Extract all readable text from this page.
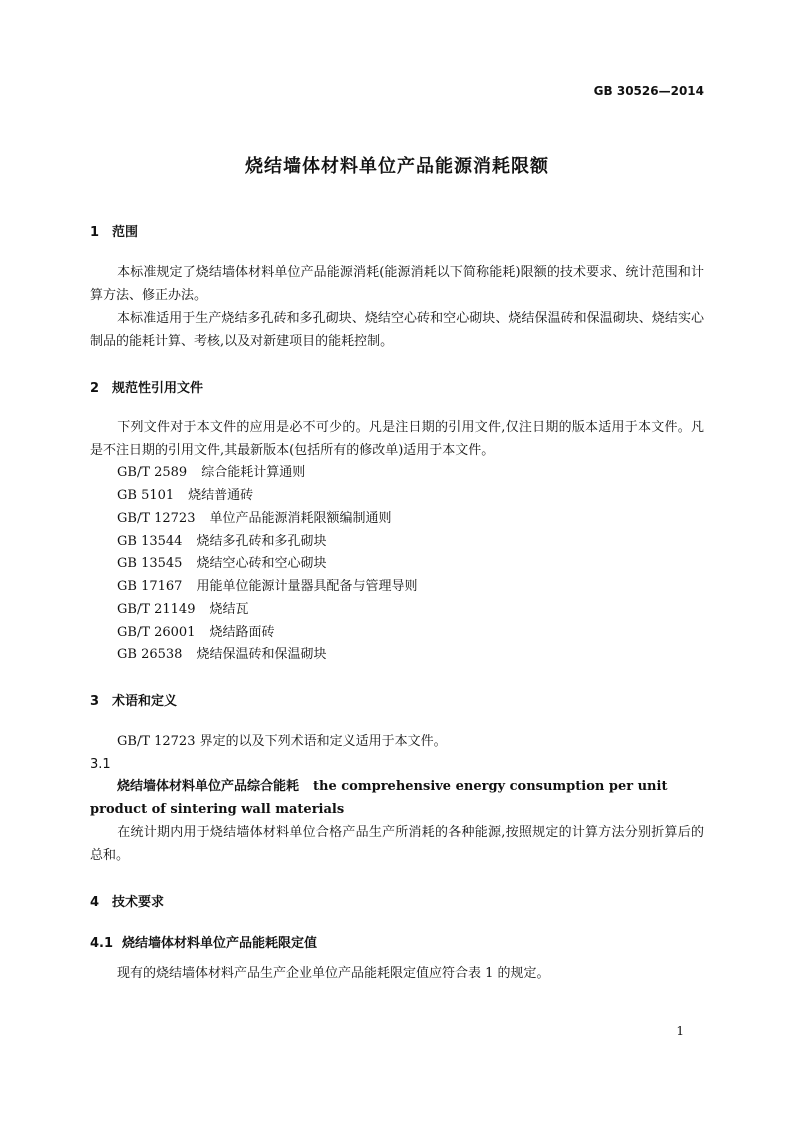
GB 30526—2014
烧结墙体材料单位产品能源消耗限额
1 范围
本标准规定了烧结墙体材料单位产品能源消耗(能源消耗以下简称能耗)限额的技术要求、统计范围和计算方法、修正办法。
本标准适用于生产烧结多孔砖和多孔砌块、烧结空心砖和空心砌块、烧结保温砖和保温砌块、烧结实心制品的能耗计算、考核,以及对新建项目的能耗控制。
2 规范性引用文件
下列文件对于本文件的应用是必不可少的。凡是注日期的引用文件,仅注日期的版本适用于本文件。凡是不注日期的引用文件,其最新版本(包括所有的修改单)适用于本文件。
GB/T 2589 综合能耗计算通则
GB 5101 烧结普通砖
GB/T 12723 单位产品能源消耗限额编制通则
GB 13544 烧结多孔砖和多孔砌块
GB 13545 烧结空心砖和空心砌块
GB 17167 用能单位能源计量器具配备与管理导则
GB/T 21149 烧结瓦
GB/T 26001 烧结路面砖
GB 26538 烧结保温砖和保温砌块
3 术语和定义
GB/T 12723 界定的以及下列术语和定义适用于本文件。
3.1
烧结墙体材料单位产品综合能耗 the comprehensive energy consumption per unit product of sintering wall materials
在统计期内用于烧结墙体材料单位合格产品生产所消耗的各种能源,按照规定的计算方法分别折算后的总和。
4 技术要求
4.1 烧结墙体材料单位产品能耗限定值
现有的烧结墙体材料产品生产企业单位产品能耗限定值应符合表 1 的规定。
1
